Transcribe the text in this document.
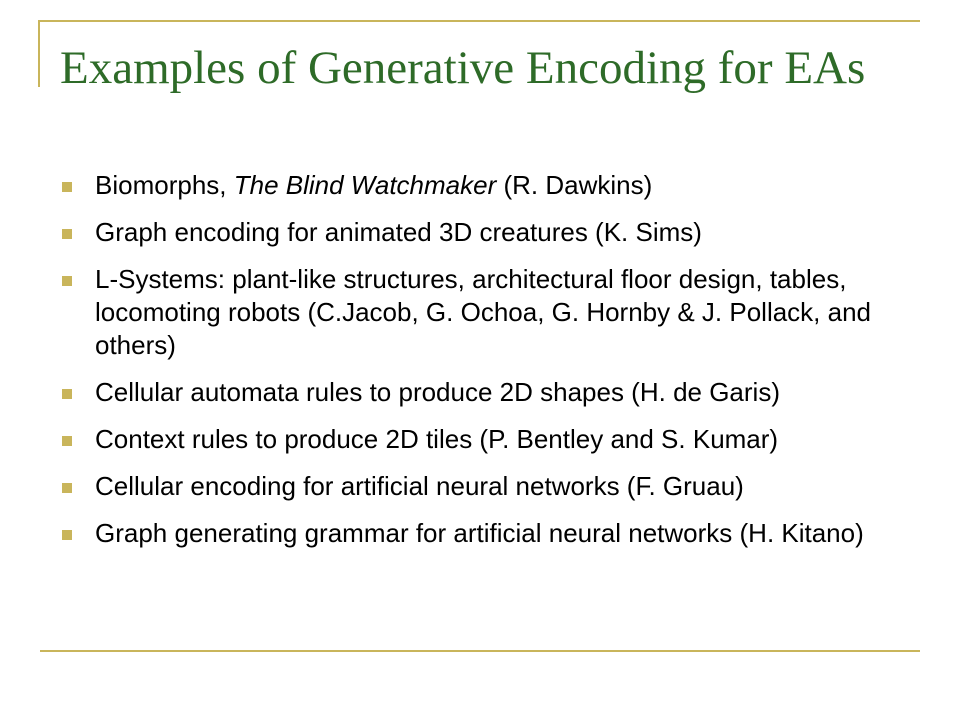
Examples of Generative Encoding for EAs
Biomorphs, The Blind Watchmaker (R. Dawkins)
Graph encoding for animated 3D creatures (K. Sims)
L-Systems: plant-like structures, architectural floor design, tables, locomoting robots (C.Jacob, G. Ochoa, G. Hornby & J. Pollack, and others)
Cellular automata rules to produce 2D shapes (H. de Garis)
Context rules to produce 2D tiles (P. Bentley and S. Kumar)
Cellular encoding for artificial neural networks (F. Gruau)
Graph generating grammar for artificial neural networks (H. Kitano)
